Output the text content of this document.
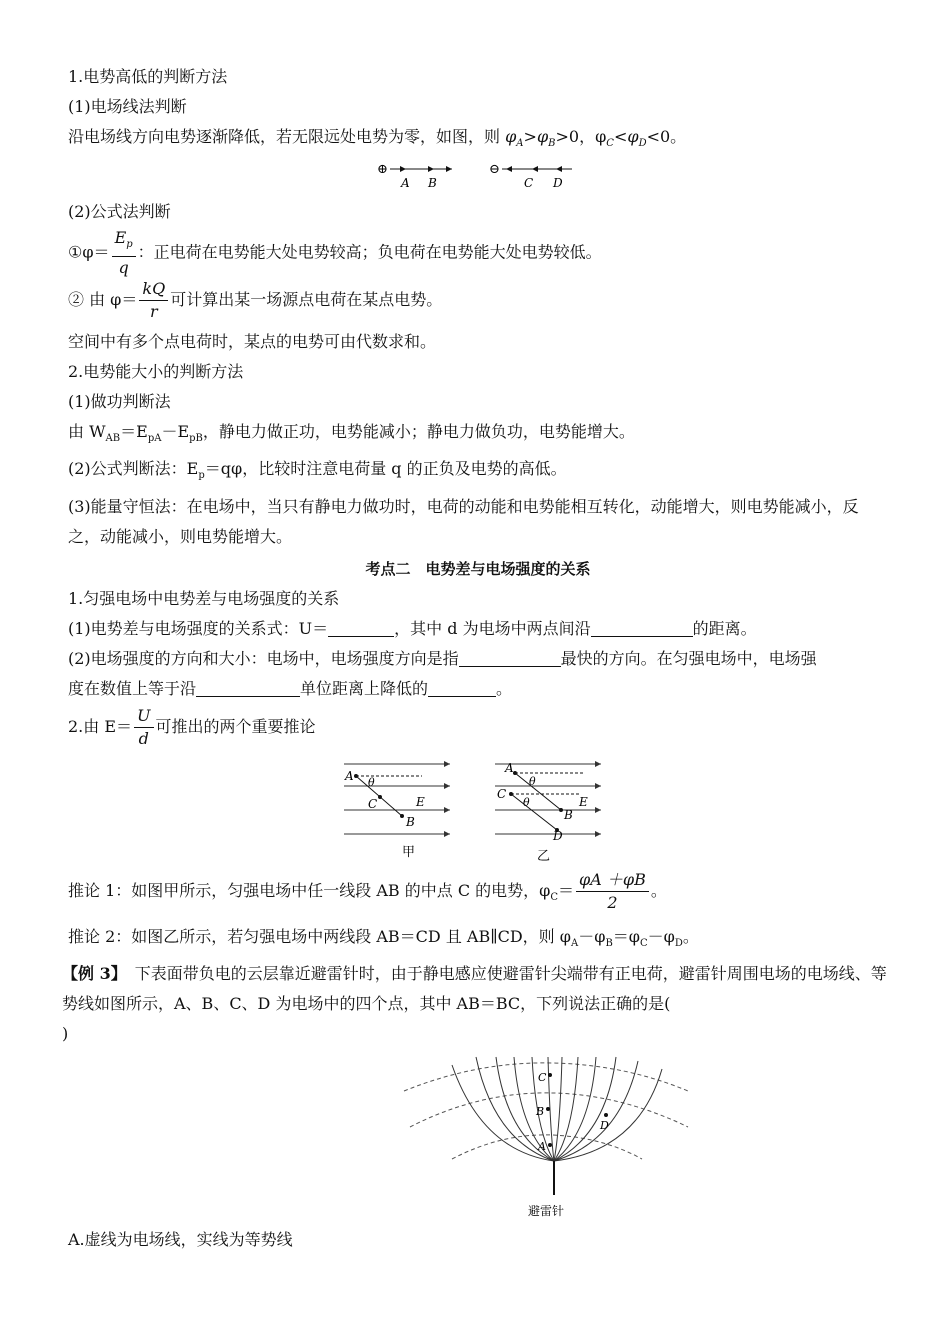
1.电势高低的判断方法
(1)电场线法判断
沿电场线方向电势逐渐降低，若无限远处电势为零，如图，则 $\varphi_A>\varphi_B>0$，$\varphi_C<\varphi_D<0$。
⊕
A B
⊖
C D
(2)公式法判断
①φ＝ $\frac{E_p}{q}$ ：正电荷在电势能大处电势较高；负电荷在电势能大处电势较低。
② 由 $\varphi= \frac{kQ}{r}$ 可计算出某一场源点电荷在某点电势。
空间中有多个点电荷时，某点的电势可由代数求和。
2.电势能大小的判断方法
(1)做功判断法
由 $W_{AB}=E_{pA}-E_{pB}$，静电力做正功，电势能减小；静电力做负功，电势能增大。
(2)公式判断法：$E_p=q\varphi$，比较时注意电荷量 q 的正负及电势的高低。
(3)能量守恒法：在电场中，当只有静电力做功时，电荷的动能和电势能相互转化，动能增大，则电势能减小，反之，动能减小，则电势能增大。
考点二　电势差与电场强度的关系
1.匀强电场中电势差与电场强度的关系
(1)电势差与电场强度的关系式：U＝	，其中 d 为电场中两点间沿	的距离。
(2)电场强度的方向和大小：电场中，电场强度方向是指	最快的方向。在匀强电场中，电场强
度在数值上等于沿	单位距离上降低的	。
2.由 $E= \frac{U}{d}$ 可推出的两个重要推论
A θ
C
B
E
甲
A
θ
C
θ
B
D
E
乙
推论 1：如图甲所示，匀强电场中任一线段 AB 的中点 C 的电势，$\varphi_C= \frac{\varphi A +\varphi B}{2}$ 。
推论 2：如图乙所示，若匀强电场中两线段 AB＝CD 且 AB∥CD，则 $\varphi_A-\varphi_B=\varphi_C-\varphi_D$。
【例 3】　下表面带负电的云层靠近避雷针时，由于静电感应使避雷针尖端带有正电荷，避雷针周围电场的电场线、等势线如图所示，A、B、C、D 为电场中的四个点，其中 AB＝BC，下列说法正确的是(
)
C
B
A
D
避雷针
A.虚线为电场线，实线为等势线
